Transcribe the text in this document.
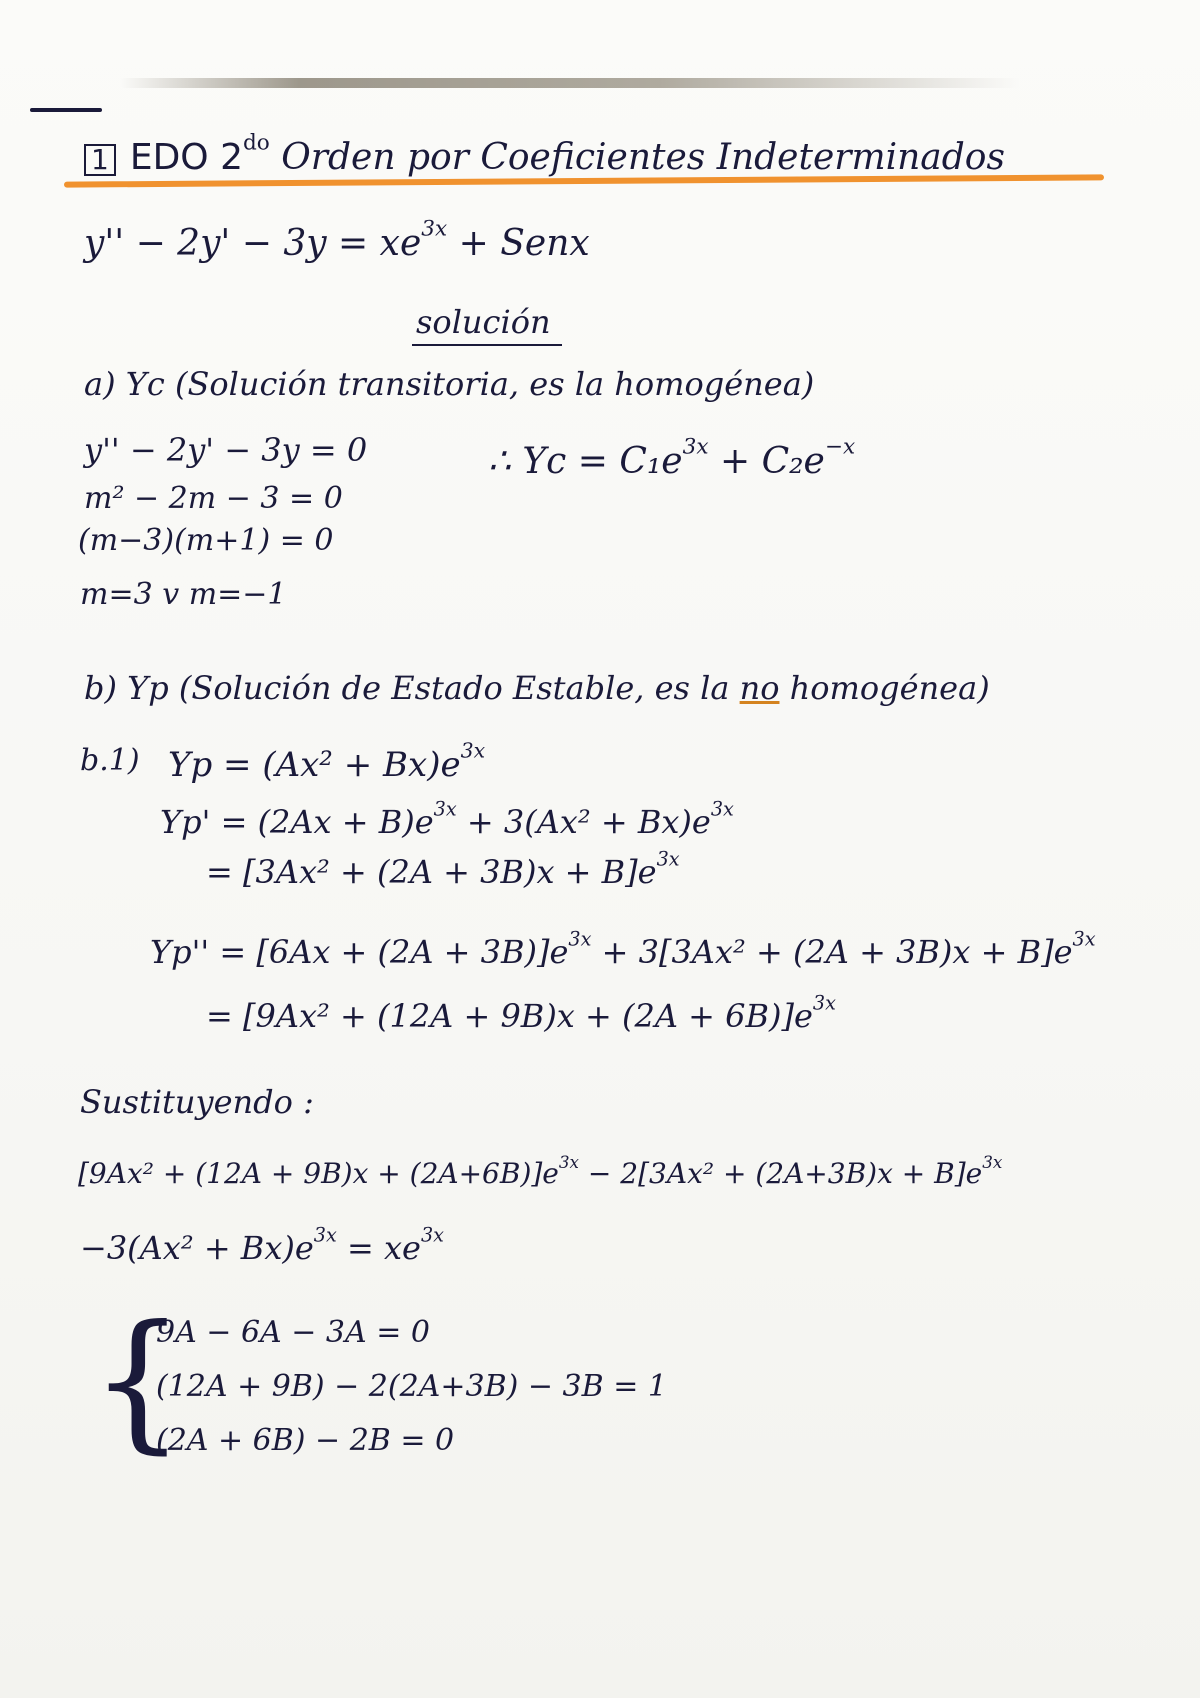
1 EDO $2^{do}$ Orden por Coeficientes Indeterminados
$y'' - 2y' - 3y = xe^{3x}$ + Senx
solución
a) Yc (Solución transitoria, es la homogénea)
y'' − 2y' − 3y = 0
m² − 2m − 3 = 0
(m−3)(m+1) = 0
m=3 v m=−1
∴ $Yc = C_1e^{3x} + C_2e^{-x}$
b) Yp (Solución de Estado Estable, es la no homogénea)
b.1) $Yp = (Ax^2 + Bx)e^{3x}$
$Yp' = (2Ax + B)e^{3x} + 3(Ax^2 + Bx)e^{3x}$
= $[3Ax^2 + (2A + 3B)x + B]e^{3x}$
$Yp'' = [6Ax + (2A + 3B)]e^{3x} + 3[3Ax^2 + (2A + 3B)x + B]e^{3x}$
= $[9Ax^2 + (12A + 9B)x + (2A + 6B)]e^{3x}$
Sustituyendo :
$[9Ax^2 + (12A + 9B)x + (2A+6B)]e^{3x} - 2[3Ax^2 + (2A+3B)x + B]e^{3x}$
$-3(Ax^2 + Bx)e^{3x} = xe^{3x}$
{
9A − 6A − 3A = 0
(12A + 9B) − 2(2A+3B) − 3B = 1
(2A + 6B) − 2B = 0
